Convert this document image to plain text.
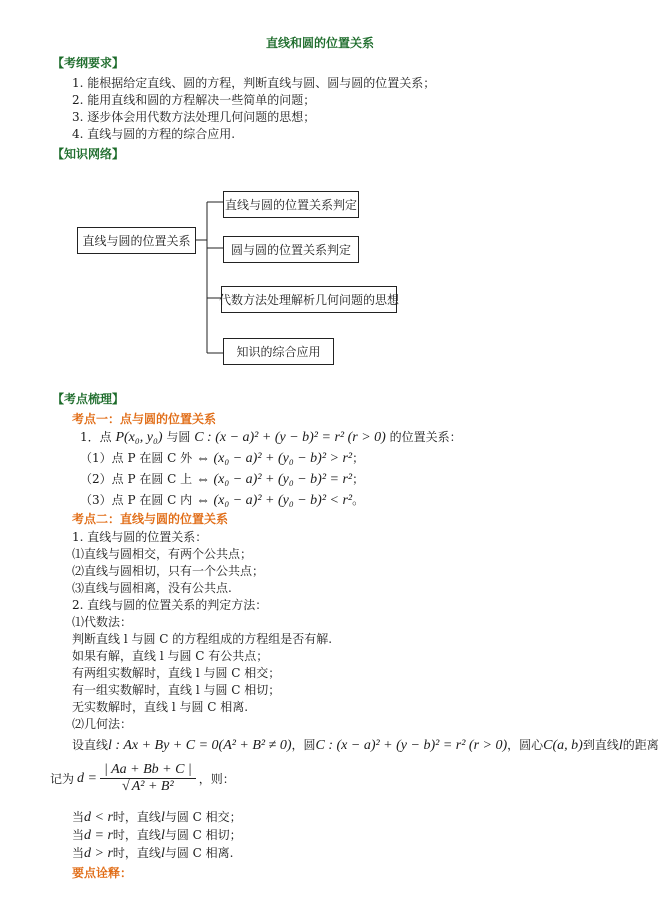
直线和圆的位置关系
【考纲要求】
1. 能根据给定直线、圆的方程，判断直线与圆、圆与圆的位置关系；
2. 能用直线和圆的方程解决一些简单的问题；
3. 逐步体会用代数方法处理几何问题的思想；
4. 直线与圆的方程的综合应用.
【知识网络】
直线与圆的位置关系
直线与圆的位置关系判定
圆与圆的位置关系判定
代数方法处理解析几何问题的思想
知识的综合应用
【考点梳理】
考点一：点与圆的位置关系
1．点 P(x₀, y₀) 与圆 C : (x − a)² + (y − b)² = r² (r > 0) 的位置关系：
（1）点 P 在圆 C 外 ⇔ (x₀ − a)² + (y₀ − b)² > r²；
（2）点 P 在圆 C 上 ⇔ (x₀ − a)² + (y₀ − b)² = r²；
（3）点 P 在圆 C 内 ⇔ (x₀ − a)² + (y₀ − b)² < r²。
考点二：直线与圆的位置关系
1. 直线与圆的位置关系：
⑴直线与圆相交，有两个公共点；
⑵直线与圆相切，只有一个公共点；
⑶直线与圆相离，没有公共点.
2. 直线与圆的位置关系的判定方法：
⑴代数法：
判断直线 l 与圆 C 的方程组成的方程组是否有解.
如果有解，直线 l 与圆 C 有公共点；
有两组实数解时，直线 l 与圆 C 相交；
有一组实数解时，直线 l 与圆 C 相切；
无实数解时，直线 l 与圆 C 相离.
⑵几何法：
设直线l : Ax + By + C = 0(A² + B² ≠ 0)，圆C : (x − a)² + (y − b)² = r² (r > 0)，圆心C(a, b)到直线l的距离
记为 $d = \frac{| Aa + Bb + C |}{\text{√ A² + B²}}$ ，则：
当d < r时，直线l与圆 C 相交；
当d = r时，直线l与圆 C 相切；
当d > r时，直线l与圆 C 相离.
要点诠释：
